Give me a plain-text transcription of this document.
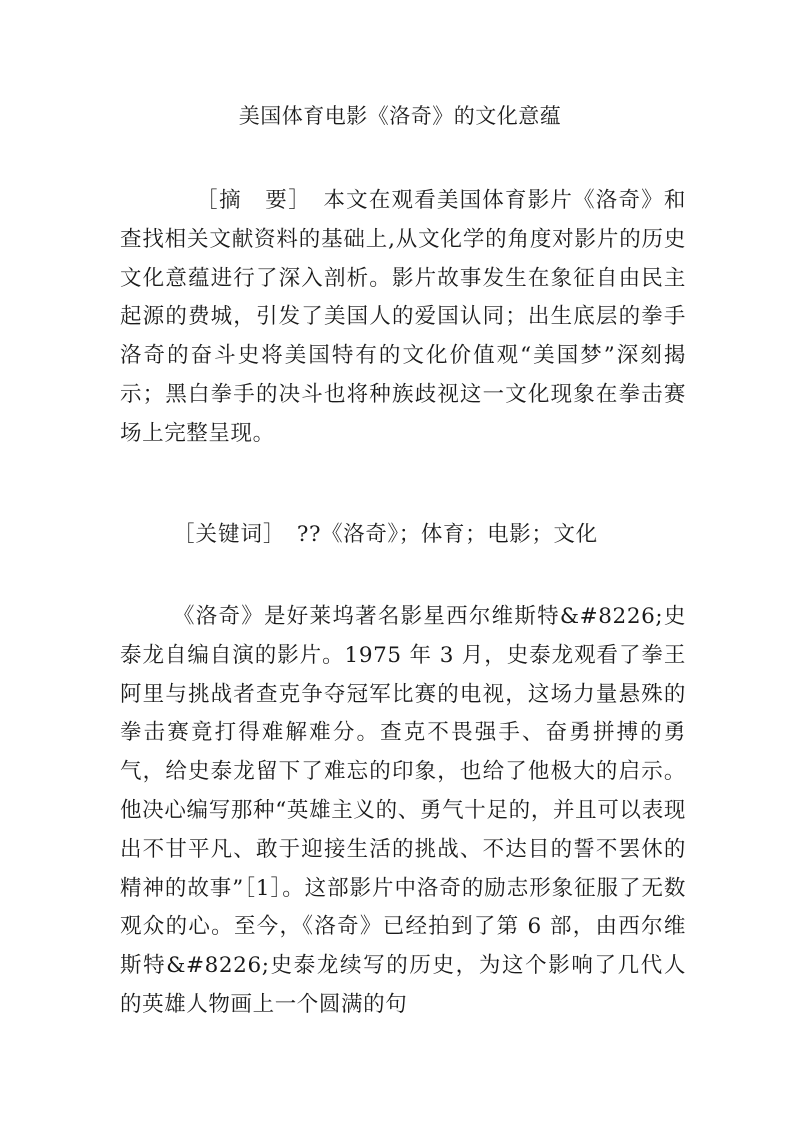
美国体育电影《洛奇》的文化意蕴

［摘　要］　 本文在观看美国体育影片《洛奇》和查找相关文献资料的基础上,从文化学的角度对影片的历史文化意蕴进行了深入剖析。影片故事发生在象征自由民主起源的费城，引发了美国人的爱国认同；出生底层的拳手洛奇的奋斗史将美国特有的文化价值观“美国梦”深刻揭示；黑白拳手的决斗也将种族歧视这一文化现象在拳击赛场上完整呈现。

［关键词］　 ??《洛奇》；体育；电影；文化

《洛奇》是好莱坞著名影星西尔维斯特&#8226;史泰龙自编自演的影片。1975 年 3 月，史泰龙观看了拳王阿里与挑战者查克争夺冠军比赛的电视，这场力量悬殊的拳击赛竟打得难解难分。查克不畏强手、奋勇拼搏的勇气，给史泰龙留下了难忘的印象，也给了他极大的启示。他决心编写那种“英雄主义的、勇气十足的，并且可以表现出不甘平凡、敢于迎接生活的挑战、不达目的誓不罢休的精神的故事”［1］。这部影片中洛奇的励志形象征服了无数观众的心。至今，《洛奇》已经拍到了第 6 部，由西尔维斯特&#8226;史泰龙续写的历史，为这个影响了几代人的英雄人物画上一个圆满的句
